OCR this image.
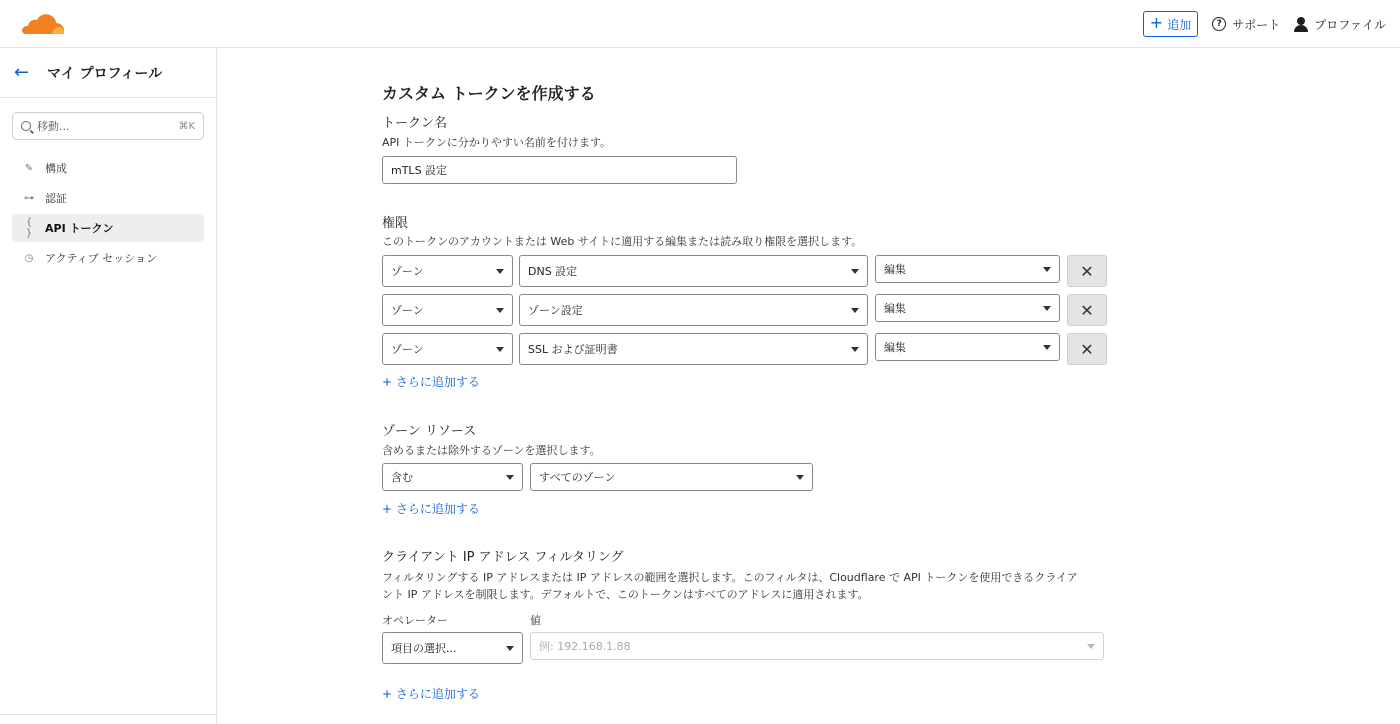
+ 追加	? サポート	プロファイル
←	マイ プロフィール
移動...	⌘K
✎ 構成
⊶ 認証
{ }	API トークン
◷ アクティブ セッション
カスタム トークンを作成する
トークン名
API トークンに分かりやすい名前を付けます。
mTLS 設定
権限
このトークンのアカウントまたは Web サイトに適用する編集または読み取り権限を選択します。
ゾーン	DNS 設定	編集	✕
ゾーン	ゾーン設定	編集	✕
ゾーン	SSL および証明書	編集	✕
+ さらに追加する
ゾーン リソース
含めるまたは除外するゾーンを選択します。
含む	すべてのゾーン
+ さらに追加する
クライアント IP アドレス フィルタリング
フィルタリングする IP アドレスまたは IP アドレスの範囲を選択します。このフィルタは、Cloudflare で API トークンを使用できるクライア
ント IP アドレスを制限します。デフォルトで、このトークンはすべてのアドレスに適用されます。
オペレーター	値
項目の選択...	例: 192.168.1.88
+ さらに追加する
